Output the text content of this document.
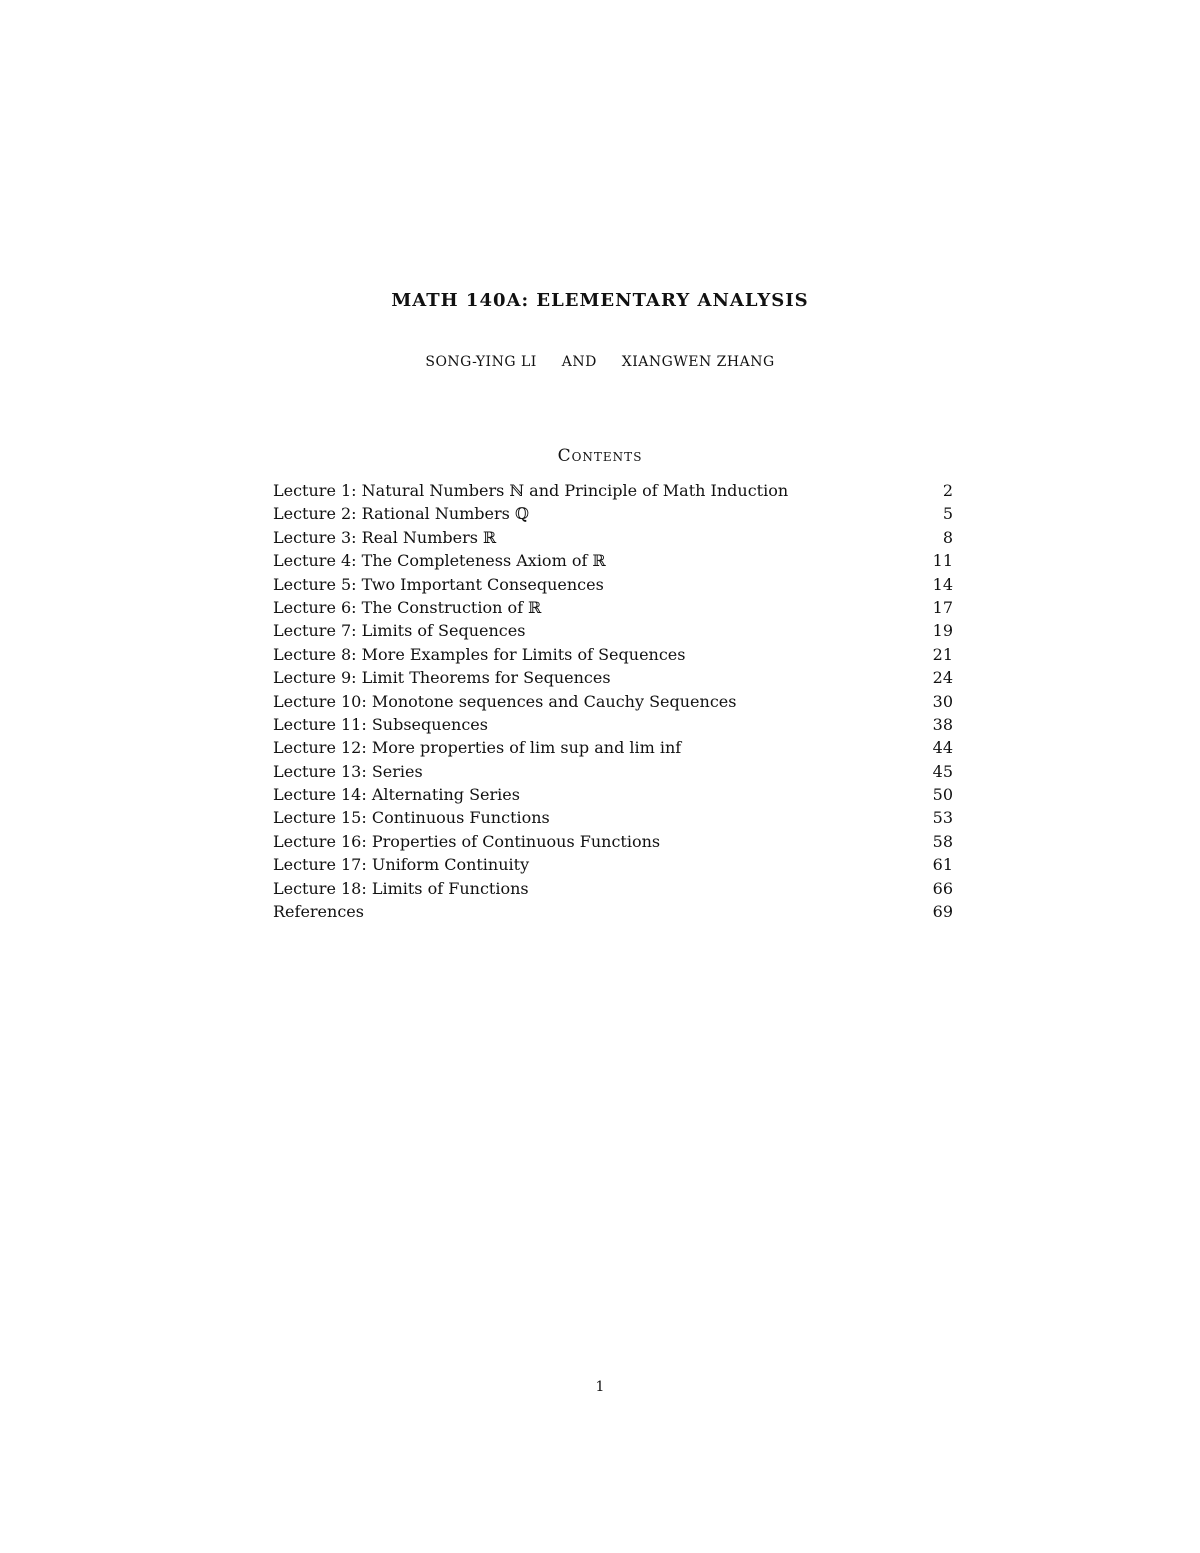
MATH 140A: ELEMENTARY ANALYSIS
SONG-YING LI AND XIANGWEN ZHANG
Contents
Lecture 1: Natural Numbers ℕ and Principle of Math Induction	2
Lecture 2: Rational Numbers ℚ	5
Lecture 3: Real Numbers ℝ	8
Lecture 4: The Completeness Axiom of ℝ	11
Lecture 5: Two Important Consequences	14
Lecture 6: The Construction of ℝ	17
Lecture 7: Limits of Sequences	19
Lecture 8: More Examples for Limits of Sequences	21
Lecture 9: Limit Theorems for Sequences	24
Lecture 10: Monotone sequences and Cauchy Sequences	30
Lecture 11: Subsequences	38
Lecture 12: More properties of lim sup and lim inf	44
Lecture 13: Series	45
Lecture 14: Alternating Series	50
Lecture 15: Continuous Functions	53
Lecture 16: Properties of Continuous Functions	58
Lecture 17: Uniform Continuity	61
Lecture 18: Limits of Functions	66
References	69
1
